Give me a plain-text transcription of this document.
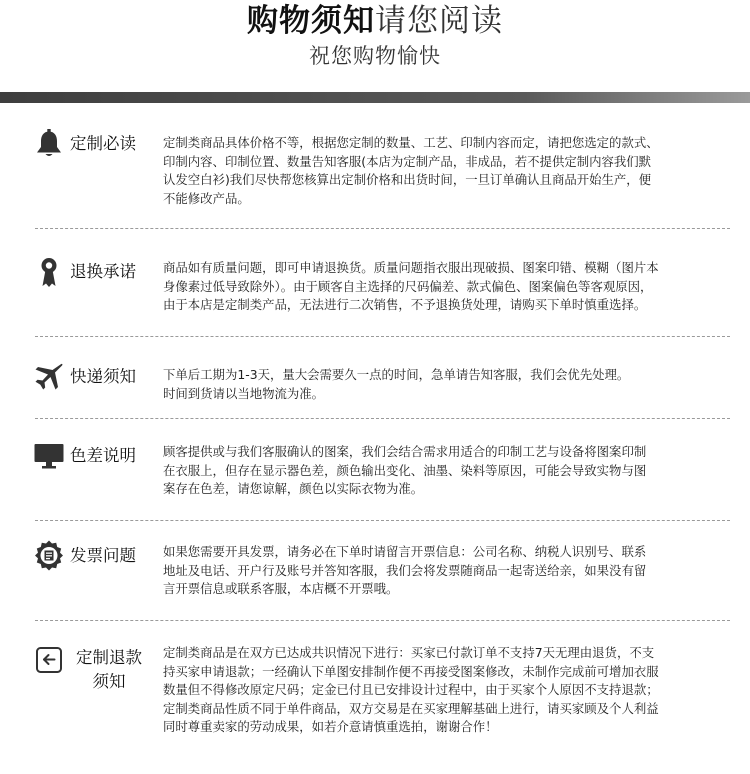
购物须知请您阅读
祝您购物愉快
定制必读 定制类商品具体价格不等，根据您定制的数量、工艺、印制内容而定，请把您选定的款式、

印制内容、印制位置、数量告知客服(本店为定制产品，非成品，若不提供定制内容我们默

认发空白衫)我们尽快帮您核算出定制价格和出货时间，一旦订单确认且商品开始生产，便

不能修改产品。

退换承诺 商品如有质量问题，即可申请退换货。质量问题指衣服出现破损、图案印错、模糊（图片本

身像素过低导致除外）。由于顾客自主选择的尺码偏差、款式偏色、图案偏色等客观原因，

由于本店是定制类产品，无法进行二次销售，不予退换货处理，请购买下单时慎重选择。

快递须知 下单后工期为1-3天，量大会需要久一点的时间，急单请告知客服，我们会优先处理。

时间到货请以当地物流为准。

色差说明 顾客提供或与我们客服确认的图案，我们会结合需求用适合的印制工艺与设备将图案印制

在衣服上，但存在显示器色差，颜色输出变化、油墨、染料等原因，可能会导致实物与图

案存在色差，请您谅解，颜色以实际衣物为准。

发票问题 如果您需要开具发票，请务必在下单时请留言开票信息：公司名称、纳税人识别号、联系

地址及电话、开户行及账号并答知客服，我们会将发票随商品一起寄送给亲，如果没有留

言开票信息或联系客服，本店概不开票哦。

定制退款须知

定制类商品是在双方已达成共识情况下进行：买家已付款订单不支持7天无理由退货，不支

持买家申请退款；一经确认下单图安排制作便不再接受图案修改，未制作完成前可增加衣服

数量但不得修改原定尺码；定金已付且已安排设计过程中，由于买家个人原因不支持退款；

定制类商品性质不同于单件商品，双方交易是在买家理解基础上进行，请买家顾及个人利益

同时尊重卖家的劳动成果，如若介意请慎重选拍，谢谢合作！
